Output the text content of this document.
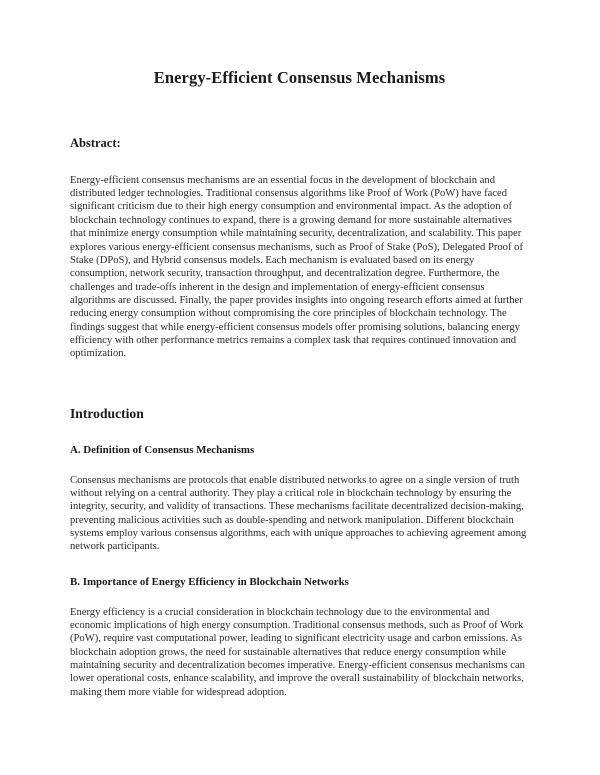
Energy-Efficient Consensus Mechanisms
Abstract:

Energy-efficient consensus mechanisms are an essential focus in the development of blockchain and distributed ledger technologies. Traditional consensus algorithms like Proof of Work (PoW) have faced significant criticism due to their high energy consumption and environmental impact. As the adoption of blockchain technology continues to expand, there is a growing demand for more sustainable alternatives that minimize energy consumption while maintaining security, decentralization, and scalability. This paper explores various energy-efficient consensus mechanisms, such as Proof of Stake (PoS), Delegated Proof of Stake (DPoS), and Hybrid consensus models. Each mechanism is evaluated based on its energy consumption, network security, transaction throughput, and decentralization degree. Furthermore, the challenges and trade-offs inherent in the design and implementation of energy-efficient consensus algorithms are discussed. Finally, the paper provides insights into ongoing research efforts aimed at further reducing energy consumption without compromising the core principles of blockchain technology. The findings suggest that while energy-efficient consensus models offer promising solutions, balancing energy efficiency with other performance metrics remains a complex task that requires continued innovation and optimization.

Introduction
A. Definition of Consensus Mechanisms

Consensus mechanisms are protocols that enable distributed networks to agree on a single version of truth without relying on a central authority. They play a critical role in blockchain technology by ensuring the integrity, security, and validity of transactions. These mechanisms facilitate decentralized decision-making, preventing malicious activities such as double-spending and network manipulation. Different blockchain systems employ various consensus algorithms, each with unique approaches to achieving agreement among network participants.

B. Importance of Energy Efficiency in Blockchain Networks

Energy efficiency is a crucial consideration in blockchain technology due to the environmental and economic implications of high energy consumption. Traditional consensus methods, such as Proof of Work (PoW), require vast computational power, leading to significant electricity usage and carbon emissions. As blockchain adoption grows, the need for sustainable alternatives that reduce energy consumption while maintaining security and decentralization becomes imperative. Energy-efficient consensus mechanisms can lower operational costs, enhance scalability, and improve the overall sustainability of blockchain networks, making them more viable for widespread adoption.
